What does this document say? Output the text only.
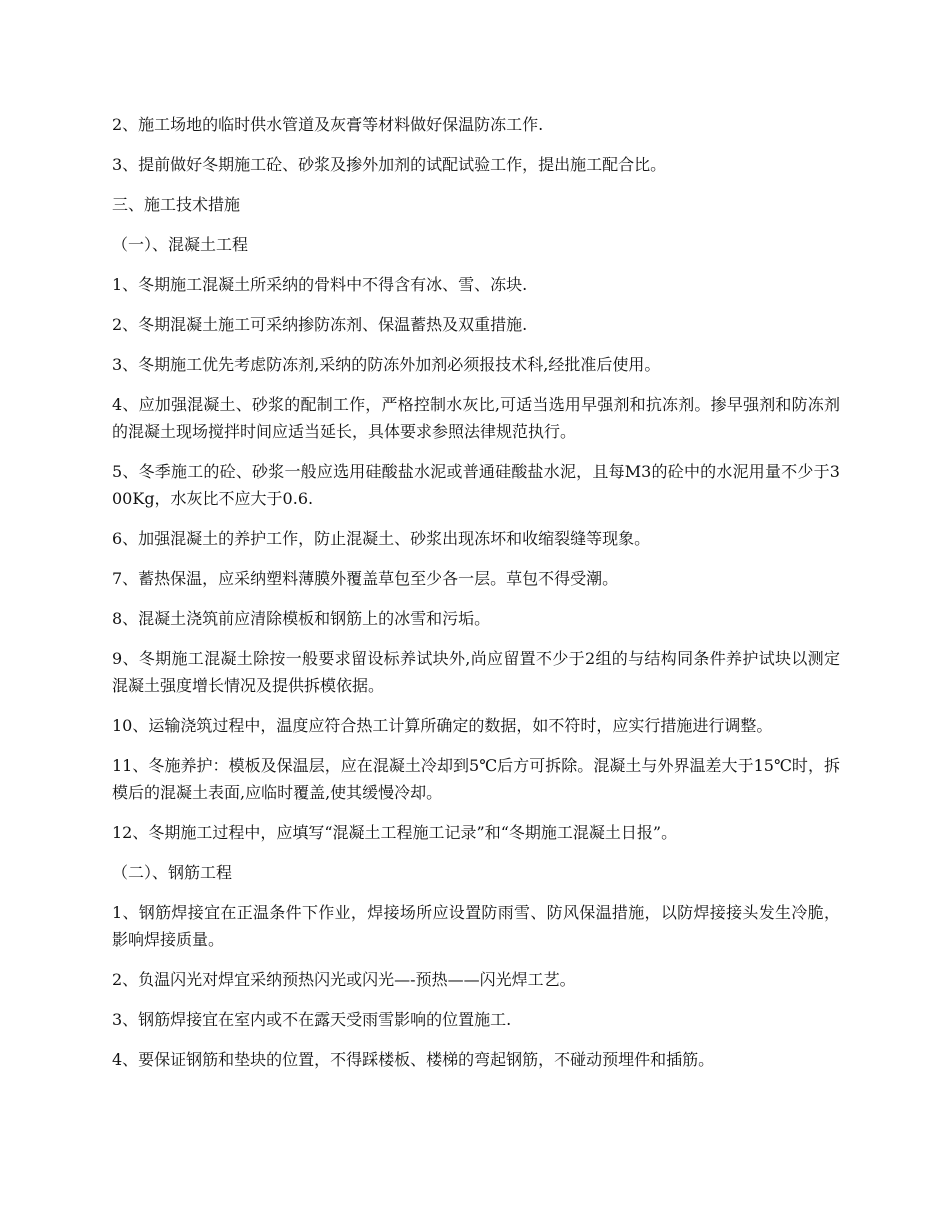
2、施工场地的临时供水管道及灰膏等材料做好保温防冻工作.

3、提前做好冬期施工砼、砂浆及掺外加剂的试配试验工作，提出施工配合比。

三、施工技术措施

（一）、混凝土工程

1、冬期施工混凝土所采纳的骨料中不得含有冰、雪、冻块.

2、冬期混凝土施工可采纳掺防冻剂、保温蓄热及双重措施.

3、冬期施工优先考虑防冻剂,采纳的防冻外加剂必须报技术科,经批准后使用。

4、应加强混凝土、砂浆的配制工作，严格控制水灰比,可适当选用早强剂和抗冻剂。掺早强剂和防冻剂的混凝土现场搅拌时间应适当延长，具体要求参照法律规范执行。

5、冬季施工的砼、砂浆一般应选用硅酸盐水泥或普通硅酸盐水泥，且每M3的砼中的水泥用量不少于300Kg，水灰比不应大于0.6.

6、加强混凝土的养护工作，防止混凝土、砂浆出现冻坏和收缩裂缝等现象。

7、蓄热保温，应采纳塑料薄膜外覆盖草包至少各一层。草包不得受潮。

8、混凝土浇筑前应清除模板和钢筋上的冰雪和污垢。

9、冬期施工混凝土除按一般要求留设标养试块外,尚应留置不少于2组的与结构同条件养护试块以测定混凝土强度增长情况及提供拆模依据。

10、运输浇筑过程中，温度应符合热工计算所确定的数据，如不符时，应实行措施进行调整。

11、冬施养护：模板及保温层，应在混凝土冷却到5℃后方可拆除。混凝土与外界温差大于15℃时，拆模后的混凝土表面,应临时覆盖,使其缓慢冷却。

12、冬期施工过程中，应填写“混凝土工程施工记录”和“冬期施工混凝土日报”。

（二）、钢筋工程

1、钢筋焊接宜在正温条件下作业，焊接场所应设置防雨雪、防风保温措施，以防焊接接头发生冷脆，影响焊接质量。

2、负温闪光对焊宜采纳预热闪光或闪光—-预热——闪光焊工艺。

3、钢筋焊接宜在室内或不在露天受雨雪影响的位置施工.

4、要保证钢筋和垫块的位置，不得踩楼板、楼梯的弯起钢筋，不碰动预埋件和插筋。
